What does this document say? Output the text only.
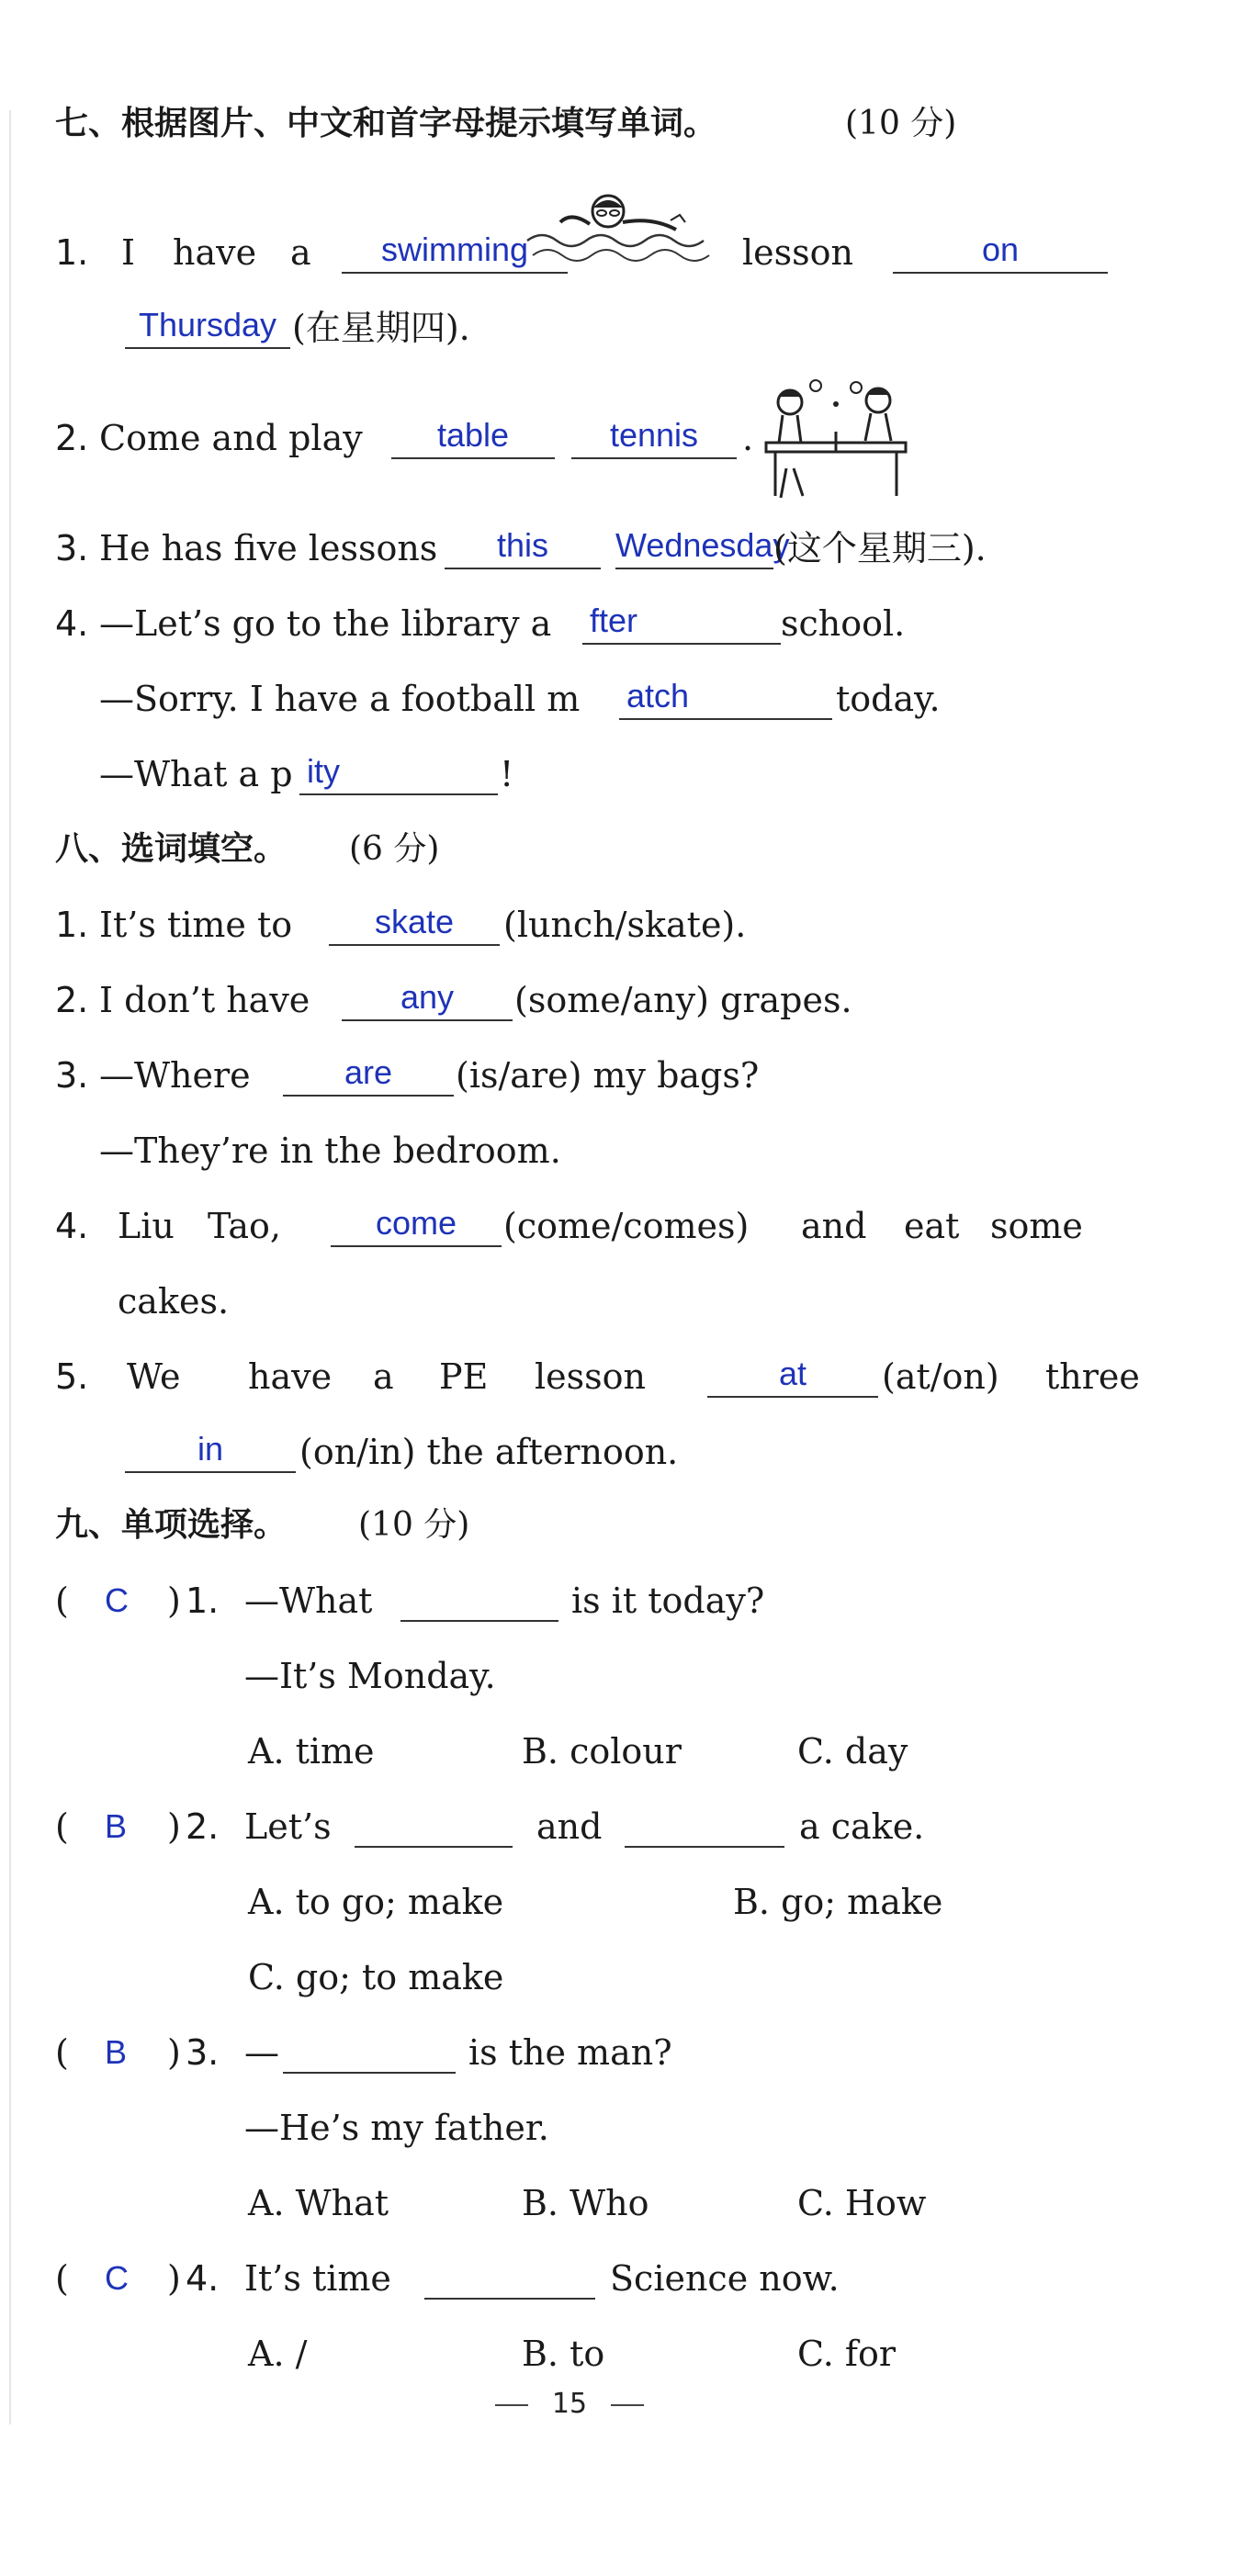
七、根据图片、中文和首字母提示填写单词。	(10 分)
1. I have a	swimming	lesson	on
Thursday (在星期四).
2. Come and play	table	tennis	.
3. He has five lessons	this	Wednesday
(这个星期三).
4. —Let’s go to the library a fter	school.
—Sorry. I have a football m atch	today.
—What a p ity	!
八、选词填空。 (6 分)
1. It’s time to	skate	(lunch/skate).
2. I don’t have	any	(some/any) grapes.
3. —Where	are	(is/are) my bags?
—They’re in the bedroom.
4. Liu Tao,	come	(come/comes) and eat some
cakes.
5. We have a PE lesson	at	(at/on) three
in	(on/in) the afternoon.
九、单项选择。 (10 分)
( C ) 1. —What	is it today?
—It’s Monday.
A. time	B. colour	C. day
( B ) 2. Let’s	and	a cake.
A. to go; make	B. go; make
C. go; to make
( B ) 3. —	is the man?
—He’s my father.
A. What	B. Who	C. How
( C ) 4. It’s time	Science now.
A. /	B. to	C. for
15
